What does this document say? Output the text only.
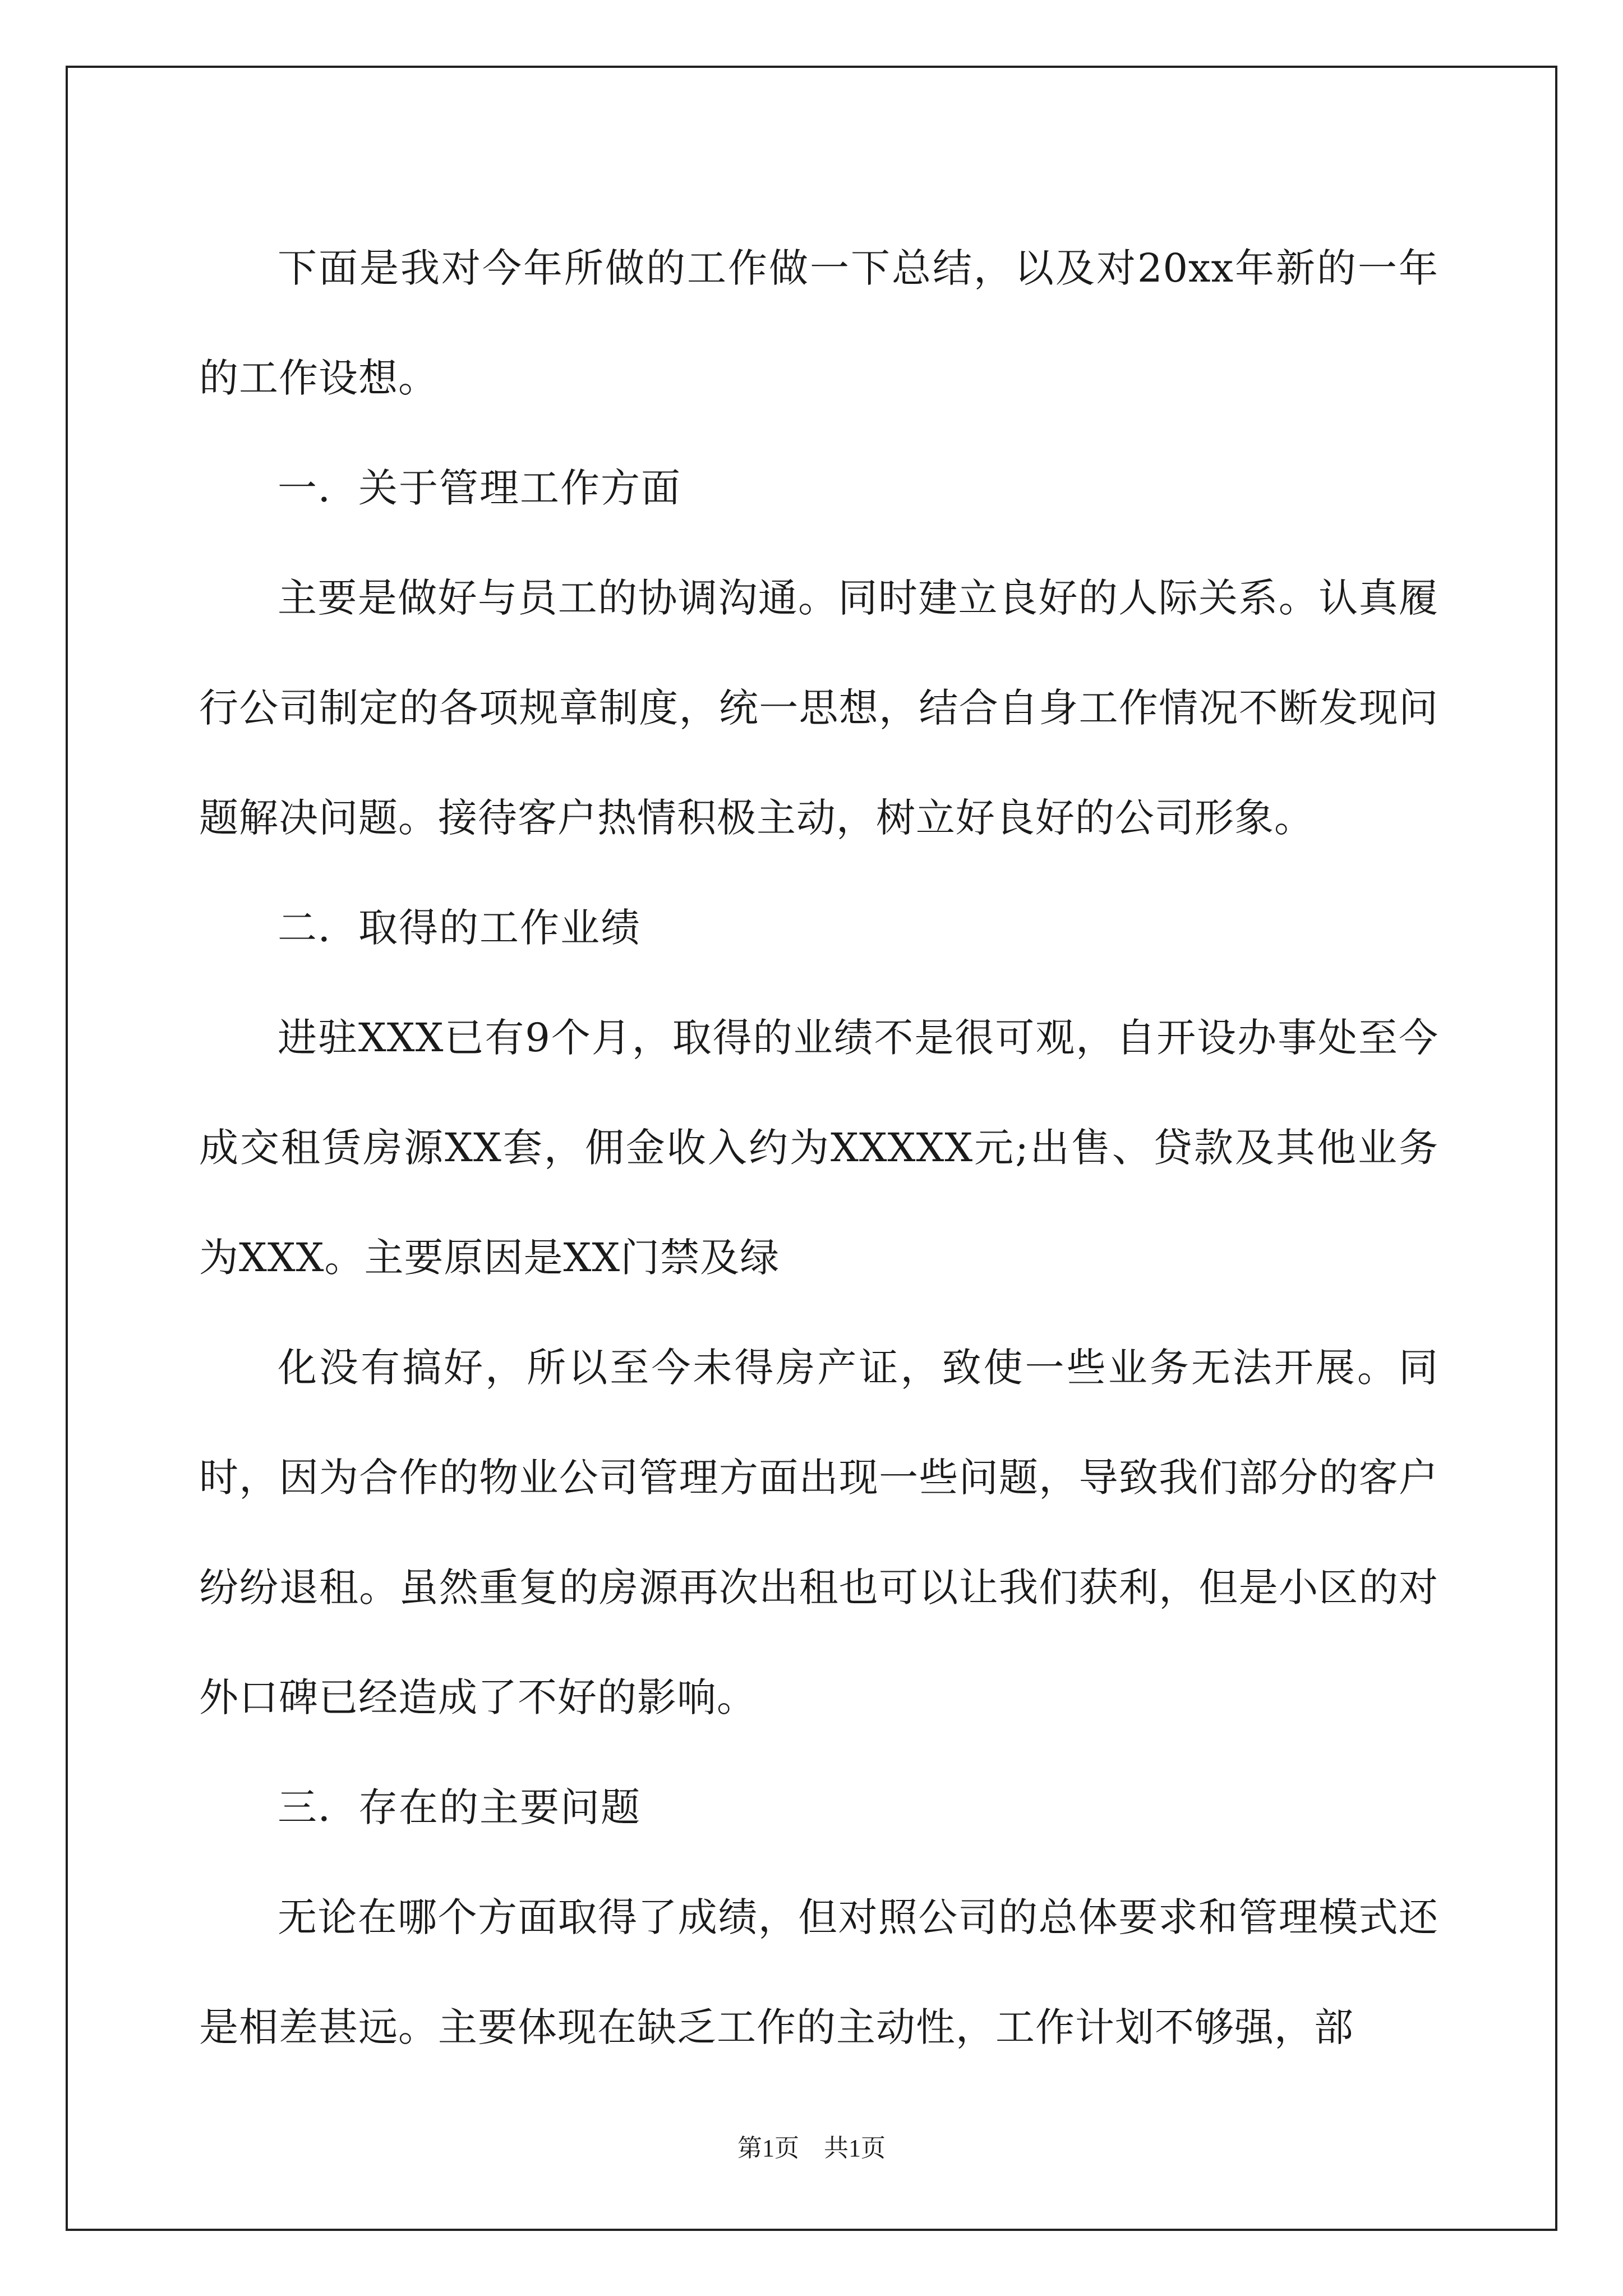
下面是我对今年所做的工作做一下总结，以及对20xx年新的一年的工作设想。

一．关于管理工作方面

主要是做好与员工的协调沟通。同时建立良好的人际关系。认真履行公司制定的各项规章制度，统一思想，结合自身工作情况不断发现问题解决问题。接待客户热情积极主动，树立好良好的公司形象。

二．取得的工作业绩

进驻XXX已有9个月，取得的业绩不是很可观，自开设办事处至今成交租赁房源XX套，佣金收入约为XXXXX元;出售、贷款及其他业务为XXX。主要原因是XX门禁及绿

化没有搞好，所以至今未得房产证，致使一些业务无法开展。同时，因为合作的物业公司管理方面出现一些问题，导致我们部分的客户纷纷退租。虽然重复的房源再次出租也可以让我们获利，但是小区的对外口碑已经造成了不好的影响。

三．存在的主要问题

无论在哪个方面取得了成绩，但对照公司的总体要求和管理模式还是相差甚远。主要体现在缺乏工作的主动性，工作计划不够强，部

第1页　共1页
